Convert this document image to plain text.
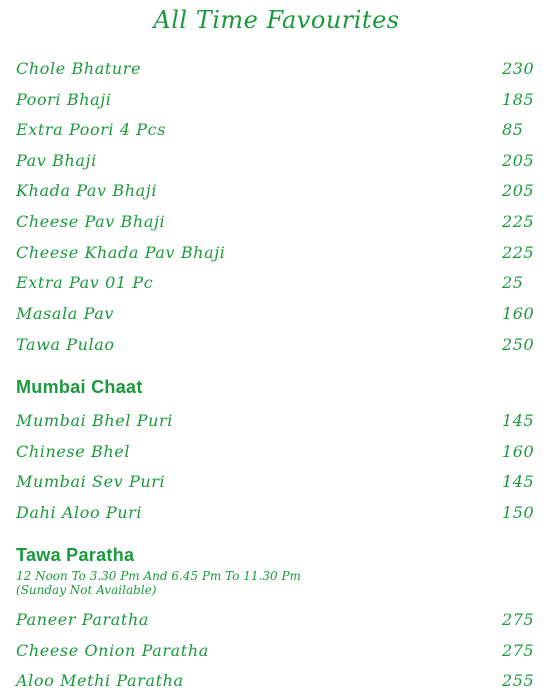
All Time Favourites
Chole Bhature	230
Poori Bhaji	185
Extra Poori 4 Pcs	85
Pav Bhaji	205
Khada Pav Bhaji	205
Cheese Pav Bhaji	225
Cheese Khada Pav Bhaji	225
Extra Pav 01 Pc	25
Masala Pav	160
Tawa Pulao	250
Mumbai Chaat
Mumbai Bhel Puri	145
Chinese Bhel	160
Mumbai Sev Puri	145
Dahi Aloo Puri	150
Tawa Paratha
12 Noon To 3.30 Pm And 6.45 Pm To 11.30 Pm
(Sunday Not Available)
Paneer Paratha	275
Cheese Onion Paratha	275
Aloo Methi Paratha	255
